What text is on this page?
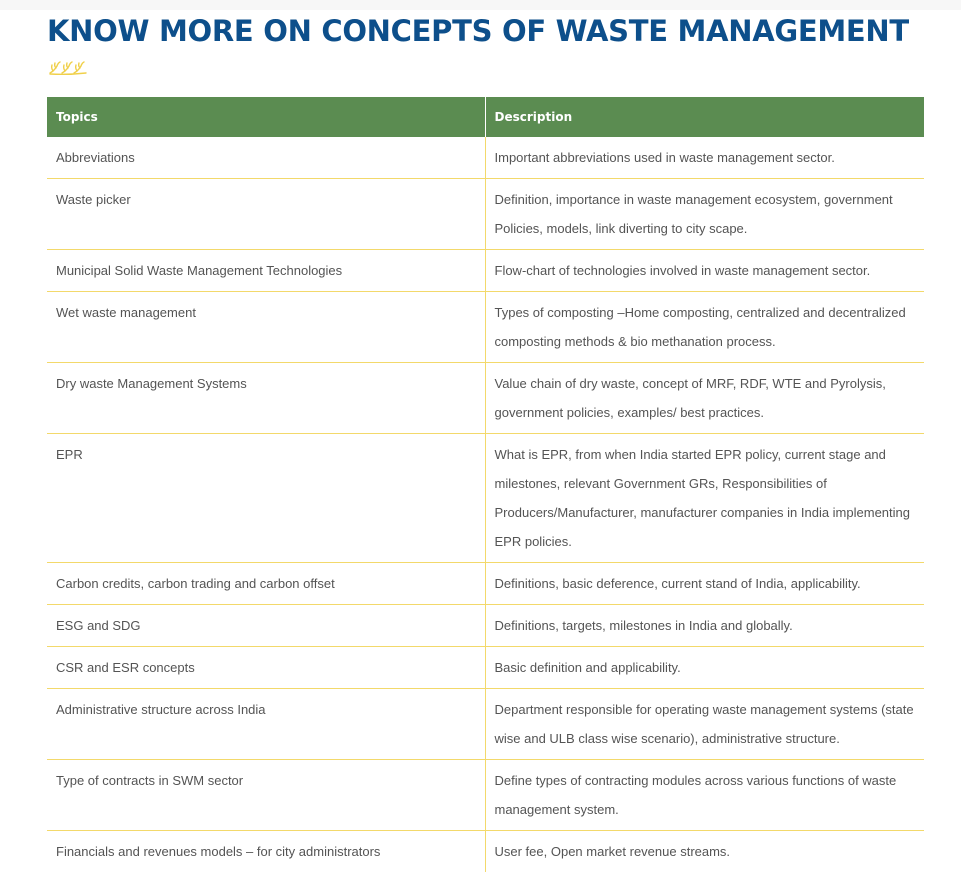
KNOW MORE ON CONCEPTS OF WASTE MANAGEMENT
Topics	Description
Abbreviations	Important abbreviations used in waste management sector.
Waste picker	Definition, importance in waste management ecosystem, government Policies, models, link diverting to city scape.
Municipal Solid Waste Management Technologies	Flow-chart of technologies involved in waste management sector.
Wet waste management	Types of composting –Home composting, centralized and decentralized composting methods & bio methanation process.
Dry waste Management Systems	Value chain of dry waste, concept of MRF, RDF, WTE and Pyrolysis, government policies, examples/ best practices.
EPR	What is EPR, from when India started EPR policy, current stage and milestones, relevant Government GRs, Responsibilities of Producers/Manufacturer, manufacturer companies in India implementing EPR policies.
Carbon credits, carbon trading and carbon offset	Definitions, basic deference, current stand of India, applicability.
ESG and SDG	Definitions, targets, milestones in India and globally.
CSR and ESR concepts	Basic definition and applicability.
Administrative structure across India	Department responsible for operating waste management systems (state wise and ULB class wise scenario), administrative structure.
Type of contracts in SWM sector	Define types of contracting modules across various functions of waste management system.
Financials and revenues models – for city administrators	User fee, Open market revenue streams.
